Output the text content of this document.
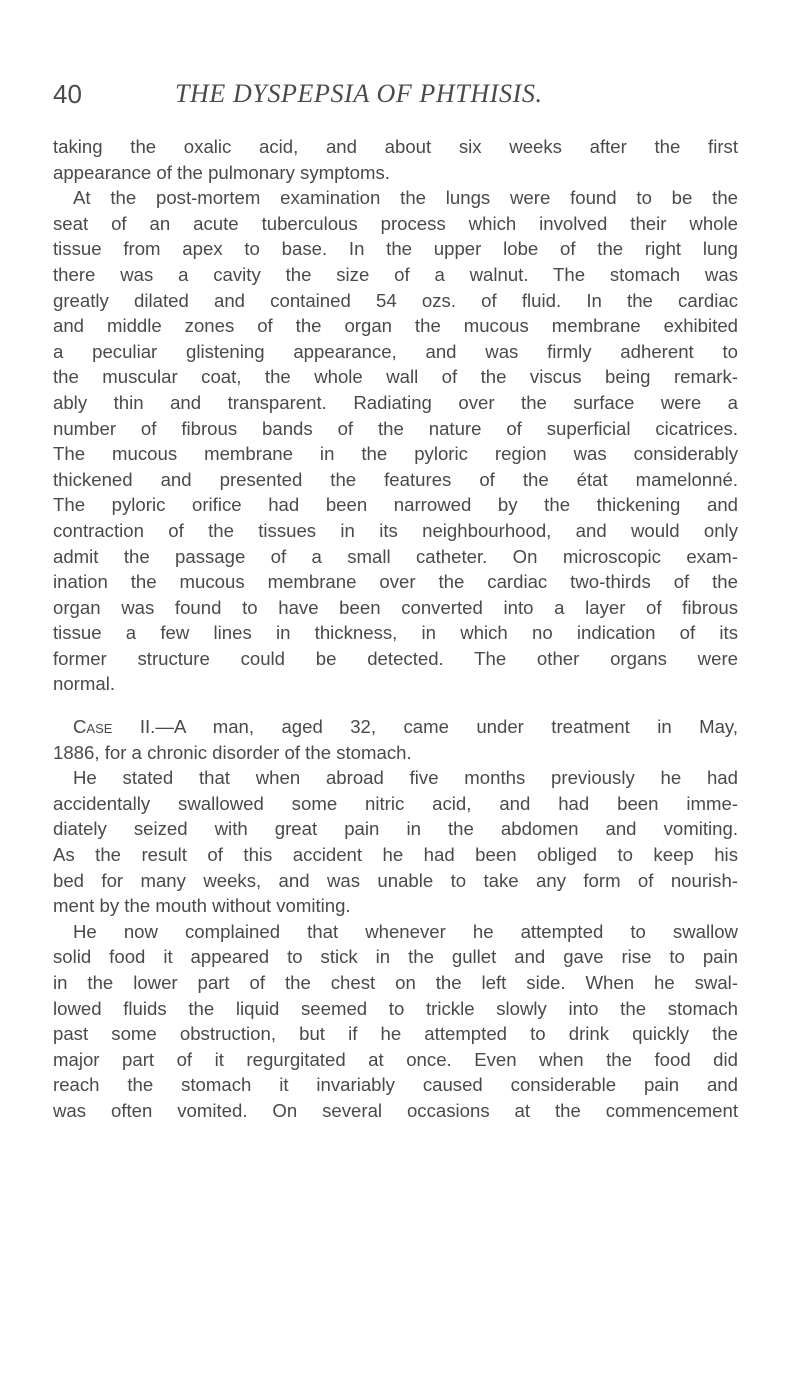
40	THE DYSPEPSIA OF PHTHISIS.
taking the oxalic acid, and about six weeks after the first
appearance of the pulmonary symptoms.
At the post-mortem examination the lungs were found to be the
seat of an acute tuberculous process which involved their whole
tissue from apex to base. In the upper lobe of the right lung
there was a cavity the size of a walnut. The stomach was
greatly dilated and contained 54 ozs. of fluid. In the cardiac
and middle zones of the organ the mucous membrane exhibited
a peculiar glistening appearance, and was firmly adherent to
the muscular coat, the whole wall of the viscus being remark-
ably thin and transparent. Radiating over the surface were a
number of fibrous bands of the nature of superficial cicatrices.
The mucous membrane in the pyloric region was considerably
thickened and presented the features of the état mamelonné.
The pyloric orifice had been narrowed by the thickening and
contraction of the tissues in its neighbourhood, and would only
admit the passage of a small catheter. On microscopic exam-
ination the mucous membrane over the cardiac two-thirds of the
organ was found to have been converted into a layer of fibrous
tissue a few lines in thickness, in which no indication of its
former structure could be detected. The other organs were
normal.
Case II.—A man, aged 32, came under treatment in May,
1886, for a chronic disorder of the stomach.
He stated that when abroad five months previously he had
accidentally swallowed some nitric acid, and had been imme-
diately seized with great pain in the abdomen and vomiting.
As the result of this accident he had been obliged to keep his
bed for many weeks, and was unable to take any form of nourish-
ment by the mouth without vomiting.
He now complained that whenever he attempted to swallow
solid food it appeared to stick in the gullet and gave rise to pain
in the lower part of the chest on the left side. When he swal-
lowed fluids the liquid seemed to trickle slowly into the stomach
past some obstruction, but if he attempted to drink quickly the
major part of it regurgitated at once. Even when the food did
reach the stomach it invariably caused considerable pain and
was often vomited. On several occasions at the commencement
